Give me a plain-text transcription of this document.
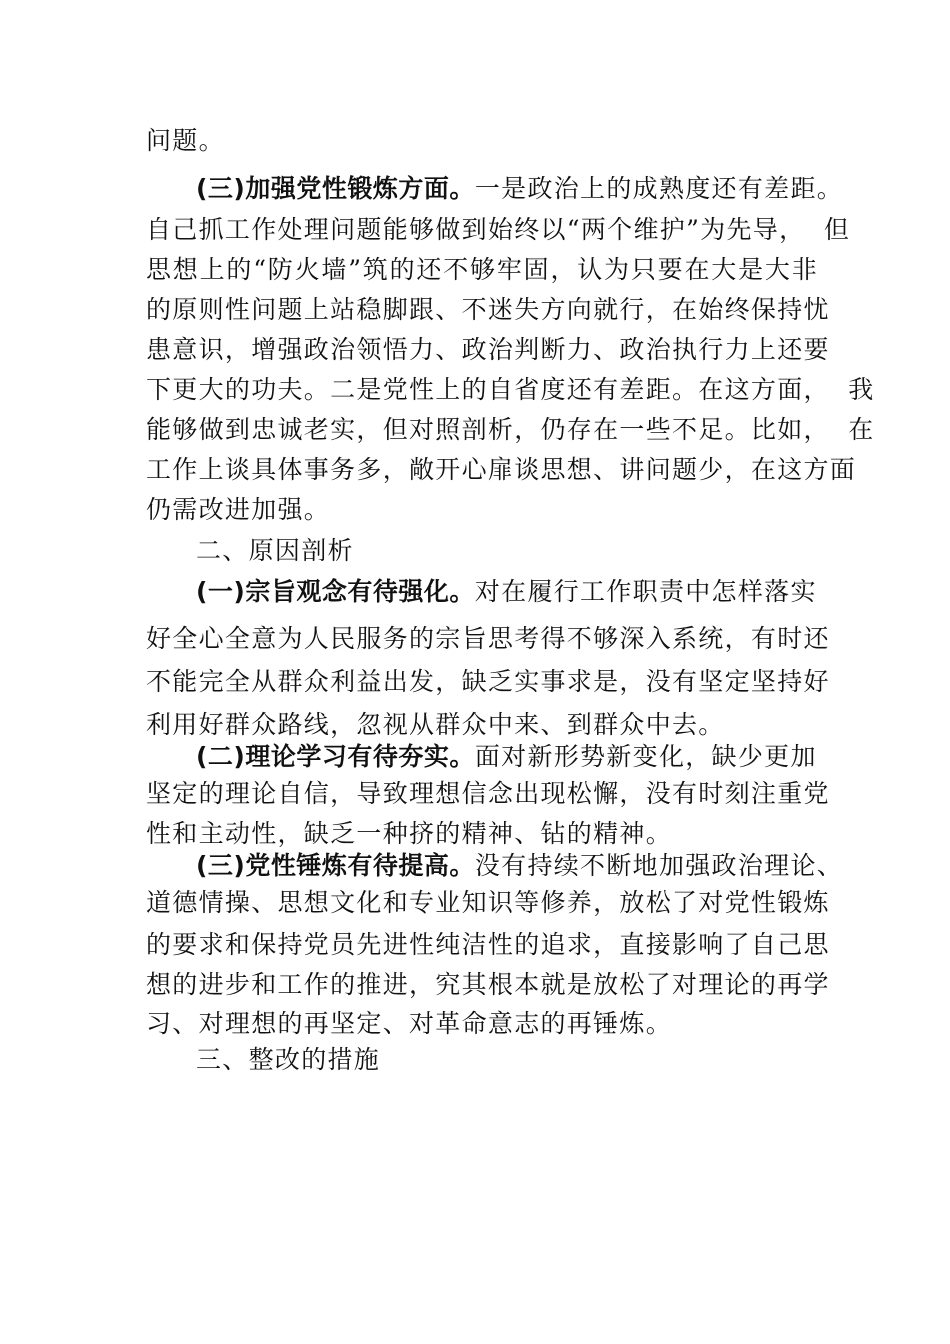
问题。
(三)加强党性锻炼方面。一是政治上的成熟度还有差距。
自己抓工作处理问题能够做到始终以“两个维护”为先导，  但
思想上的“防火墙”筑的还不够牢固，认为只要在大是大非
的原则性问题上站稳脚跟、不迷失方向就行，在始终保持忧
患意识，增强政治领悟力、政治判断力、政治执行力上还要
下更大的功夫。二是党性上的自省度还有差距。在这方面，  我
能够做到忠诚老实，但对照剖析，仍存在一些不足。比如，  在
工作上谈具体事务多，敞开心扉谈思想、讲问题少，在这方面
仍需改进加强。
二、原因剖析
(一)宗旨观念有待强化。对在履行工作职责中怎样落实
好全心全意为人民服务的宗旨思考得不够深入系统，有时还
不能完全从群众利益出发，缺乏实事求是，没有坚定坚持好
利用好群众路线，忽视从群众中来、到群众中去。
(二)理论学习有待夯实。面对新形势新变化，缺少更加
坚定的理论自信，导致理想信念出现松懈，没有时刻注重党
性和主动性，缺乏一种挤的精神、钻的精神。
(三)党性锤炼有待提高。没有持续不断地加强政治理论、
道德情操、思想文化和专业知识等修养，放松了对党性锻炼
的要求和保持党员先进性纯洁性的追求，直接影响了自己思
想的进步和工作的推进，究其根本就是放松了对理论的再学
习、对理想的再坚定、对革命意志的再锤炼。
三、整改的措施
